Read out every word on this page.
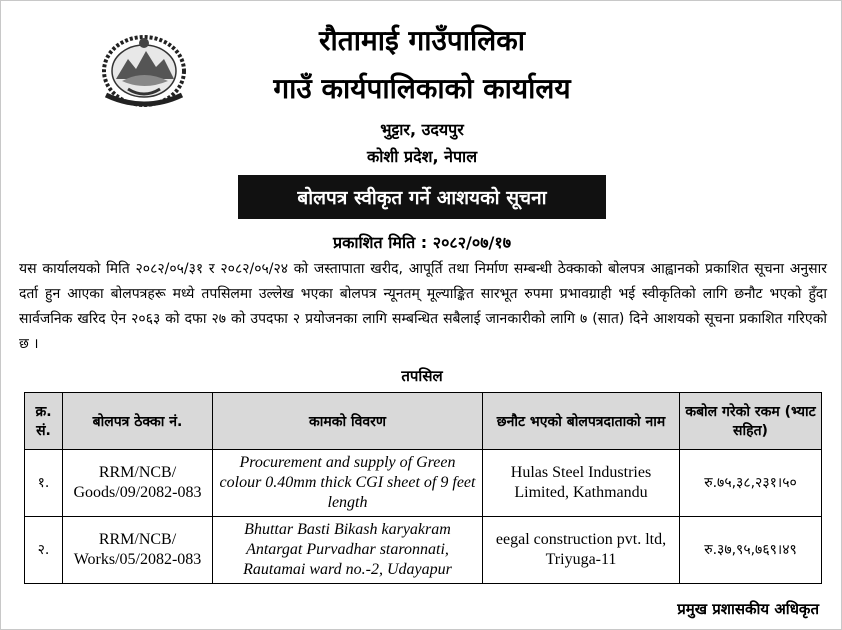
रौतामाई गाउँपालिका
गाउँ कार्यपालिकाको कार्यालय
भुट्टार, उदयपुर
कोशी प्रदेश, नेपाल
बोलपत्र स्वीकृत गर्ने आशयको सूचना
प्रकाशित मिति : २०८२/०७/१७
यस कार्यालयको मिति २०८२/०५/३१ र २०८२/०५/२४ को जस्तापाता खरीद, आपूर्ति तथा निर्माण सम्बन्धी ठेक्काको बोलपत्र आह्वानको प्रकाशित सूचना अनुसार दर्ता हुन आएका बोलपत्रहरू मध्ये तपसिलमा उल्लेख भएका बोलपत्र न्यूनतम् मूल्याङ्कित सारभूत रुपमा प्रभावग्राही भई स्वीकृतिको लागि छनौट भएको हुँदा सार्वजनिक खरिद ऐन २०६३ को दफा २७ को उपदफा २ प्रयोजनका लागि सम्बन्धित सबैलाई जानकारीको लागि ७ (सात) दिने आशयको सूचना प्रकाशित गरिएको छ ।
तपसिल
क्र. सं.	बोलपत्र ठेक्का नं.	कामको विवरण	छनौट भएको बोलपत्रदाताको नाम	कबोल गरेको रकम (भ्याट सहित)
१.	RRM/NCB/ Goods/09/2082-083	Procurement and supply of Green colour 0.40mm thick CGI sheet of 9 feet length	Hulas Steel Industries Limited, Kathmandu	रु.७५,३८,२३१।५०
२.	RRM/NCB/ Works/05/2082-083	Bhuttar Basti Bikash karyakram Antargat Purvadhar staronnati, Rautamai ward no.-2, Udayapur	eegal construction pvt. ltd, Triyuga-11	रु.३७,९५,७६९।४९
प्रमुख प्रशासकीय अधिकृत
